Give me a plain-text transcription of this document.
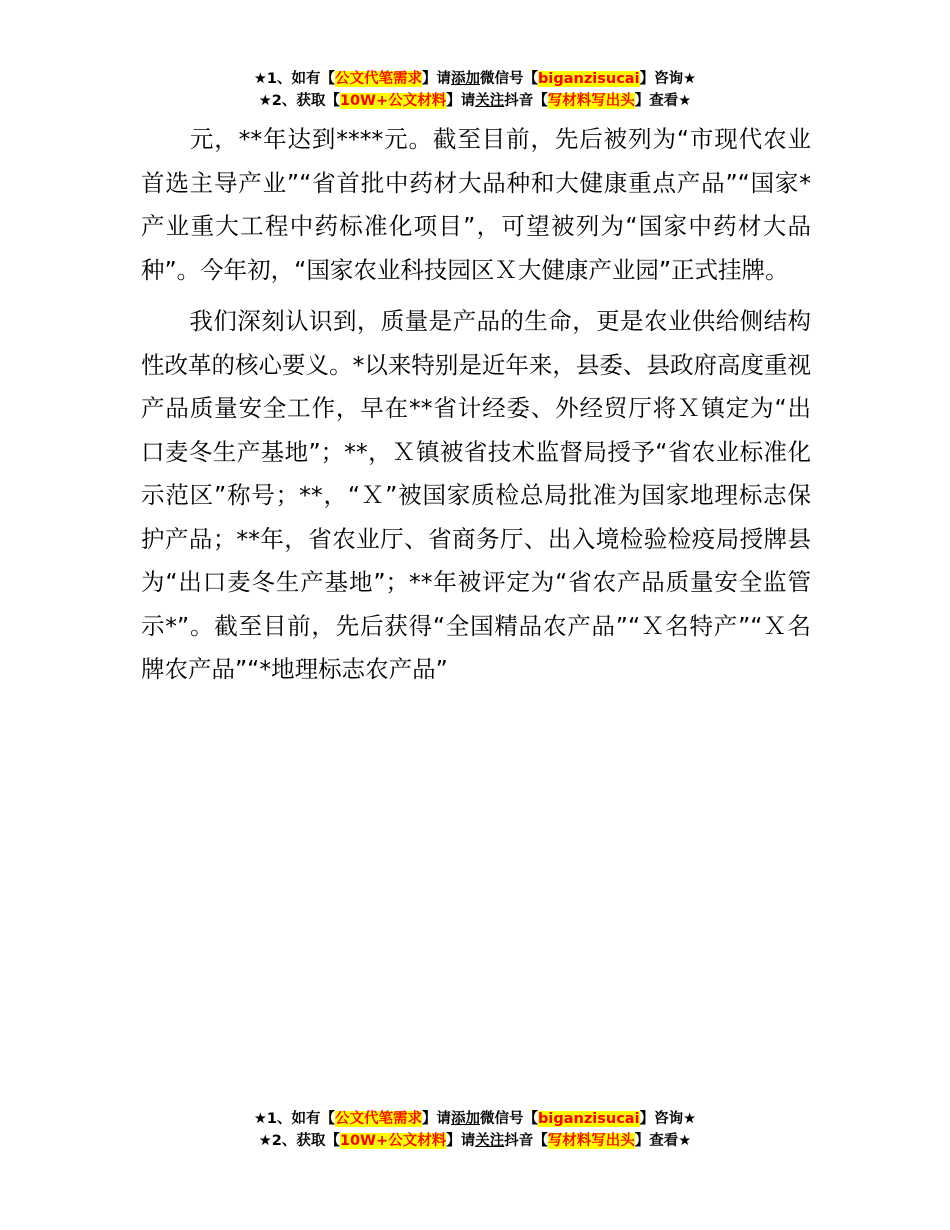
★1、如有【公文代笔需求】请添加微信号【biganzisucai】咨询★
★2、获取【10W+公文材料】请关注抖音【写材料写出头】查看★

元，**年达到****元。截至目前，先后被列为“市现代农业首选主导产业”“省首批中药材大品种和大健康重点产品”“国家*产业重大工程中药标准化项目”，可望被列为“国家中药材大品种”。今年初，“国家农业科技园区Ｘ大健康产业园”正式挂牌。

我们深刻认识到，质量是产品的生命，更是农业供给侧结构性改革的核心要义。*以来特别是近年来，县委、县政府高度重视产品质量安全工作，早在**省计经委、外经贸厅将Ｘ镇定为“出口麦冬生产基地”；**，Ｘ镇被省技术监督局授予“省农业标准化示范区”称号；**，“Ｘ”被国家质检总局批准为国家地理标志保护产品；**年，省农业厅、省商务厅、出入境检验检疫局授牌县为“出口麦冬生产基地”；**年被评定为“省农产品质量安全监管示*”。截至目前，先后获得“全国精品农产品”“Ｘ名特产”“Ｘ名牌农产品”“*地理标志农产品”

★1、如有【公文代笔需求】请添加微信号【biganzisucai】咨询★
★2、获取【10W+公文材料】请关注抖音【写材料写出头】查看★
